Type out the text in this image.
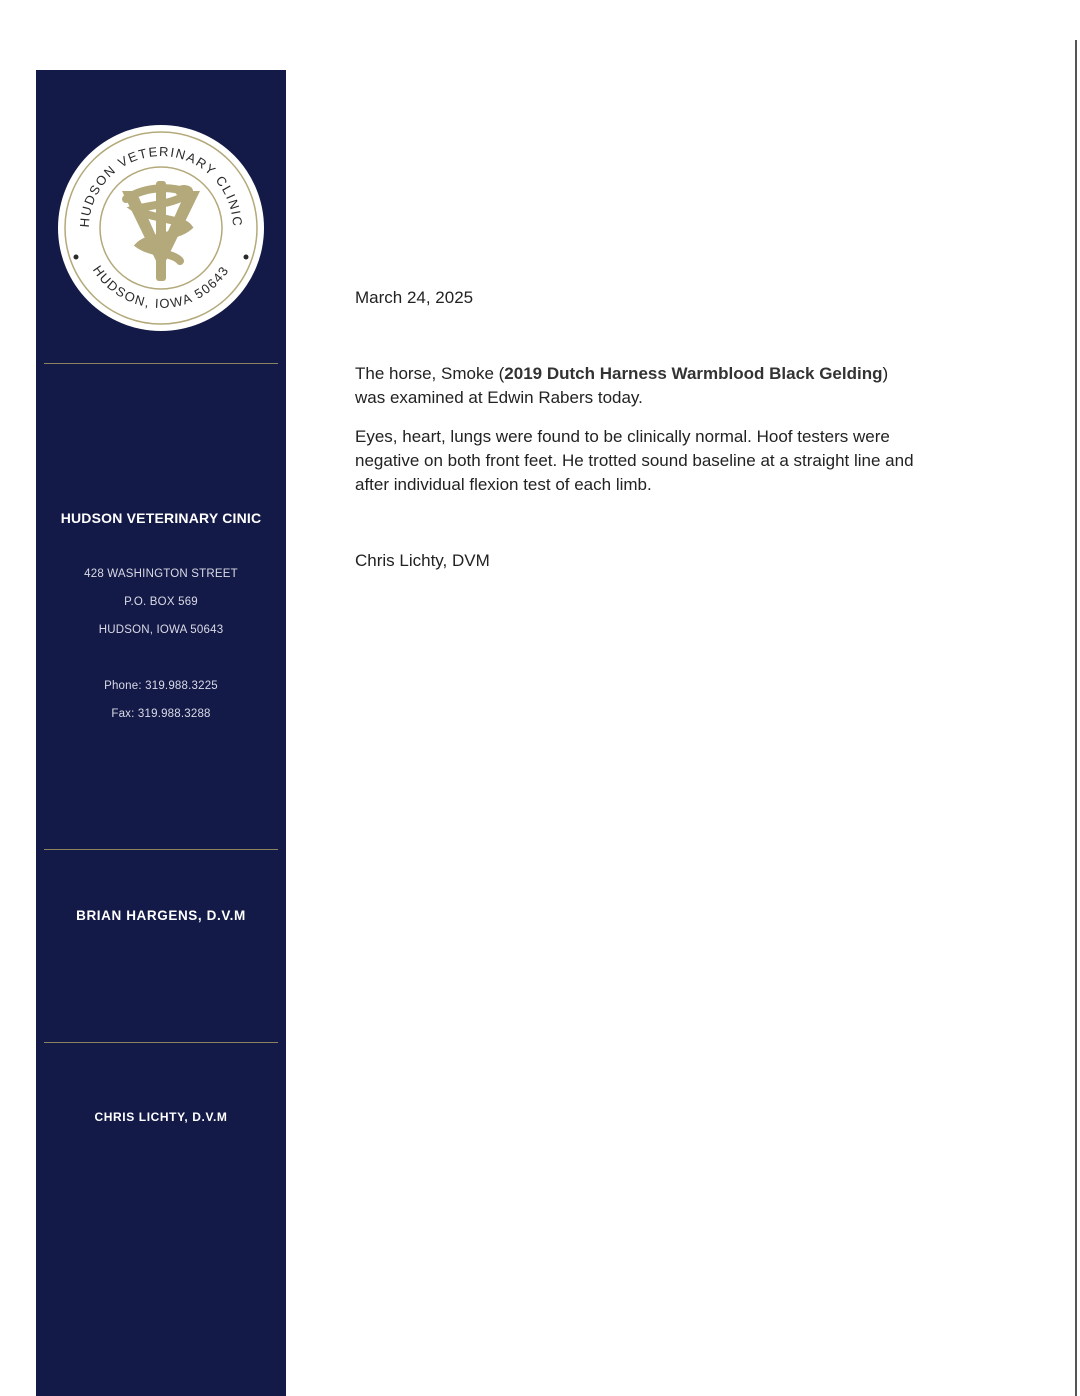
HUDSON VETERINARY CLINIC
HUDSON, IOWA 50643
HUDSON VETERINARY CINIC
428 WASHINGTON STREET
P.O. BOX 569
HUDSON, IOWA 50643
Phone: 319.988.3225
Fax: 319.988.3288
BRIAN HARGENS, D.V.M
CHRIS LICHTY, D.V.M
March 24, 2025
The horse, Smoke (2019 Dutch Harness Warmblood Black Gelding) was examined at Edwin Rabers today.
Eyes, heart, lungs were found to be clinically normal. Hoof testers were negative on both front feet. He trotted sound baseline at a straight line and after individual flexion test of each limb.
Chris Lichty, DVM
